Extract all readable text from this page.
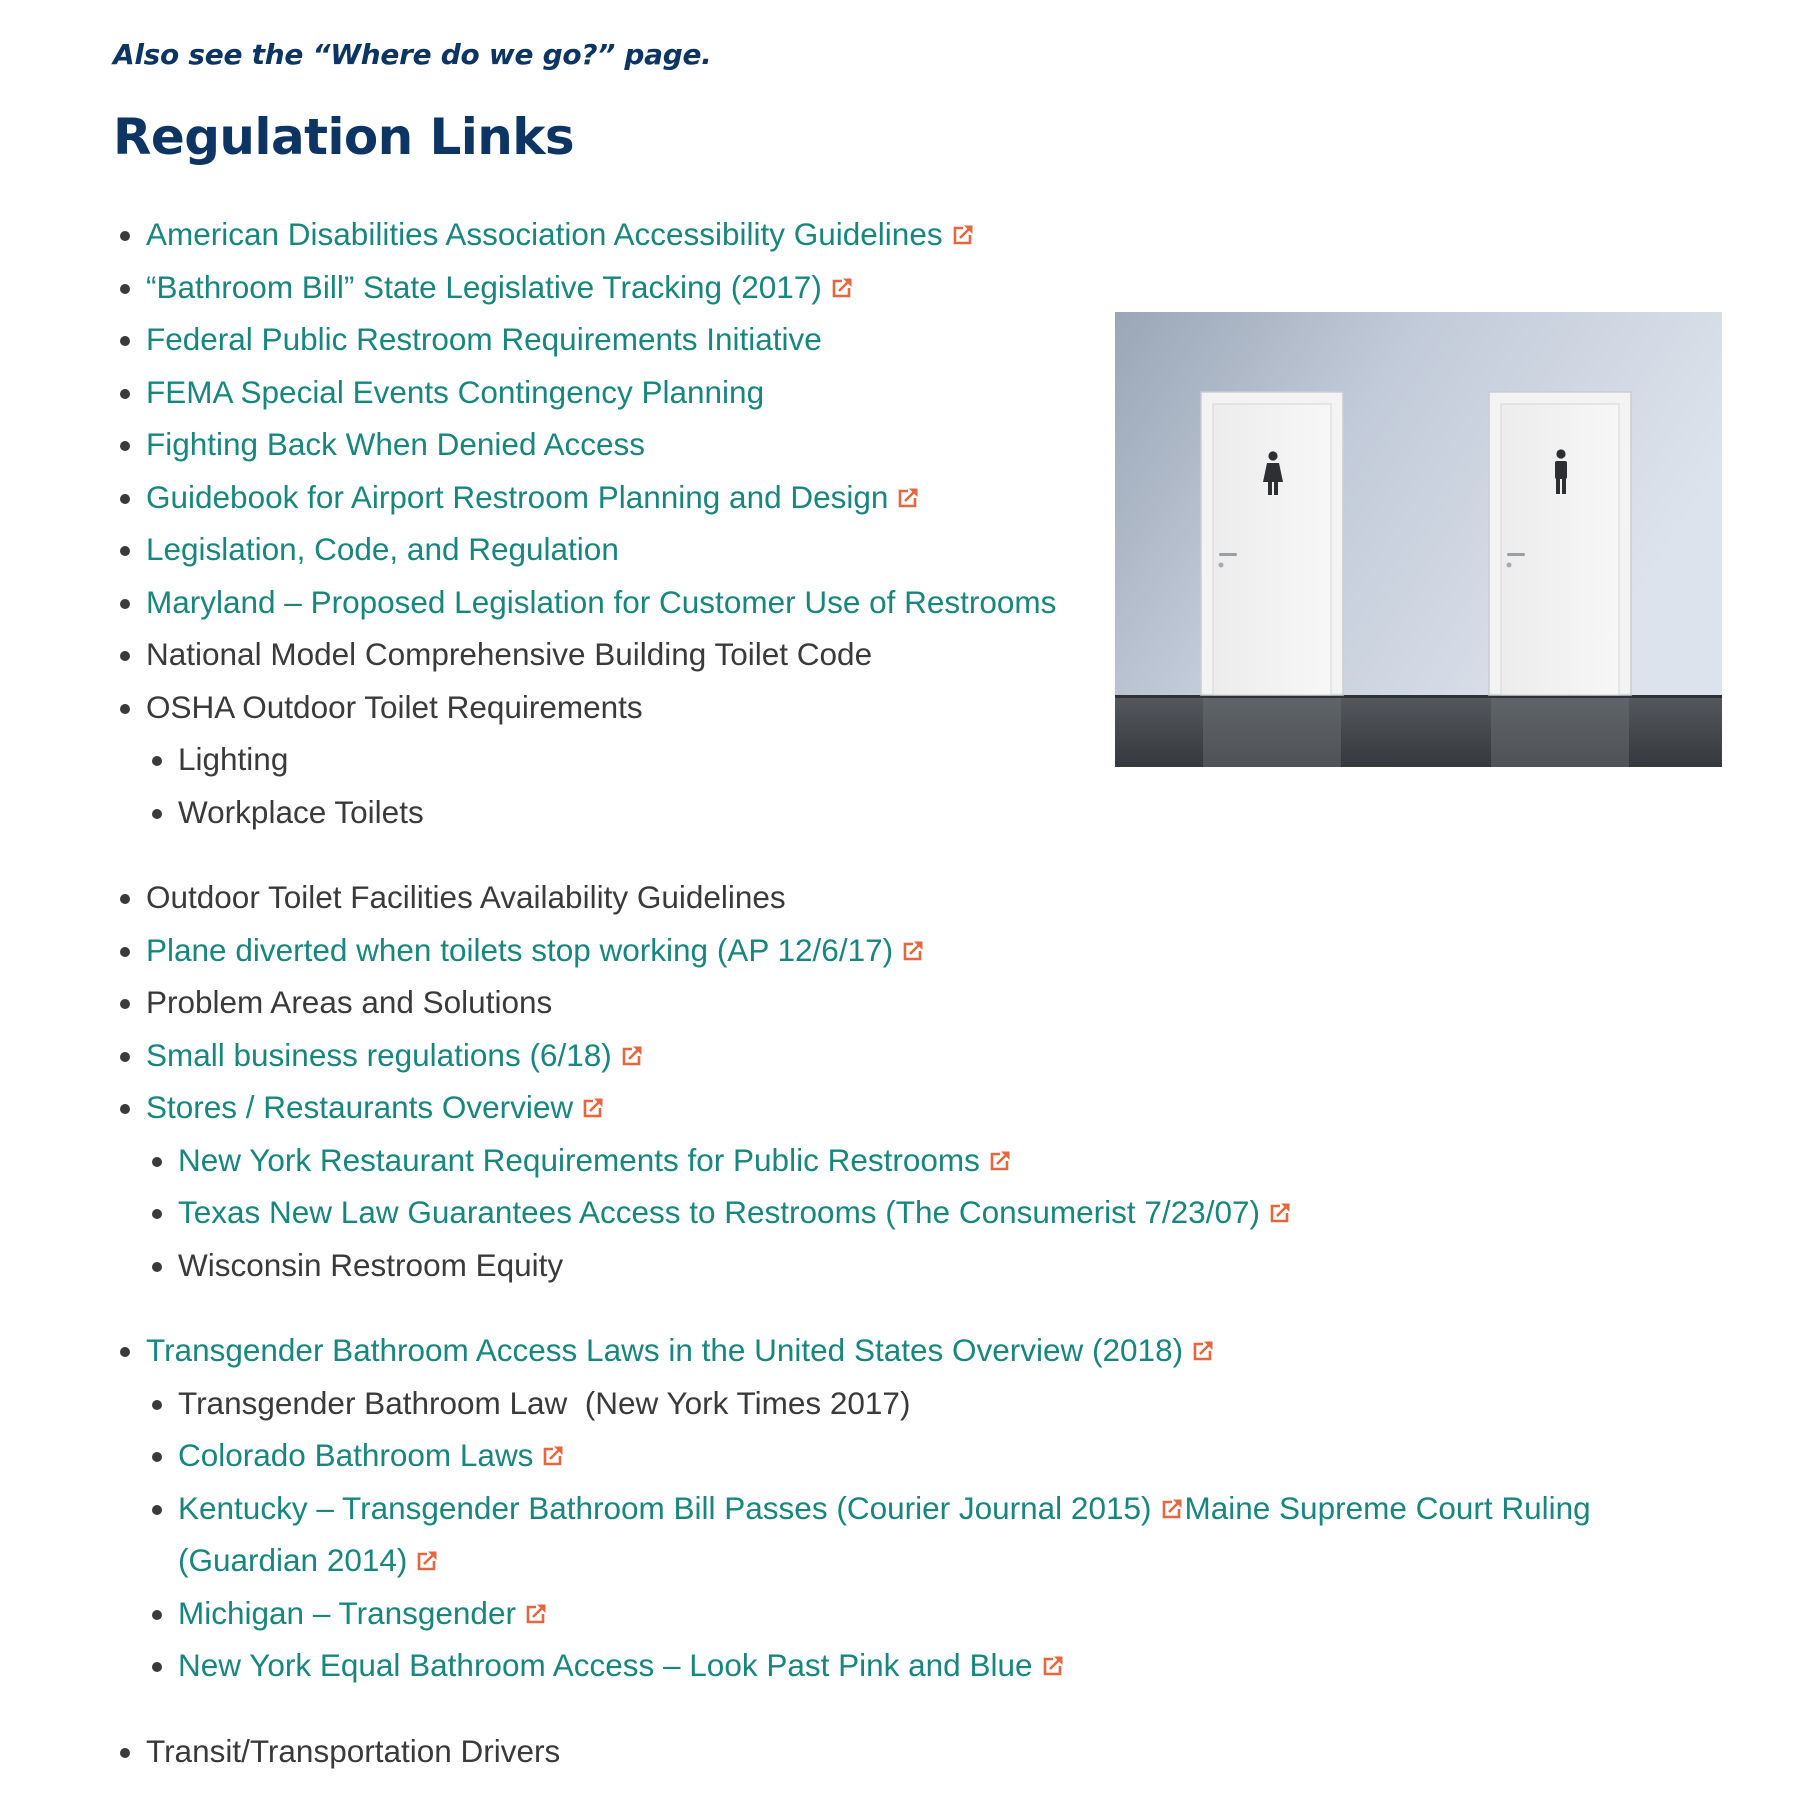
Also see the “Where do we go?” page.

Regulation Links
• American Disabilities Association Accessibility Guidelines
• “Bathroom Bill” State Legislative Tracking (2017)
• Federal Public Restroom Requirements Initiative
• FEMA Special Events Contingency Planning
• Fighting Back When Denied Access
• Guidebook for Airport Restroom Planning and Design
• Legislation, Code, and Regulation
• Maryland – Proposed Legislation for Customer Use of Restrooms
• National Model Comprehensive Building Toilet Code
• OSHA Outdoor Toilet Requirements
• Lighting
• Workplace Toilets
• Outdoor Toilet Facilities Availability Guidelines
• Plane diverted when toilets stop working (AP 12/6/17)
• Problem Areas and Solutions
• Small business regulations (6/18)
• Stores / Restaurants Overview
• New York Restaurant Requirements for Public Restrooms
• Texas New Law Guarantees Access to Restrooms (The Consumerist 7/23/07)
• Wisconsin Restroom Equity
• Transgender Bathroom Access Laws in the United States Overview (2018)
• Transgender Bathroom Law  (New York Times 2017)
• Colorado Bathroom Laws
• Kentucky – Transgender Bathroom Bill Passes (Courier Journal 2015) Maine Supreme Court Ruling (Guardian 2014)
• Michigan – Transgender
• New York Equal Bathroom Access – Look Past Pink and Blue
• Transit/Transportation Drivers
